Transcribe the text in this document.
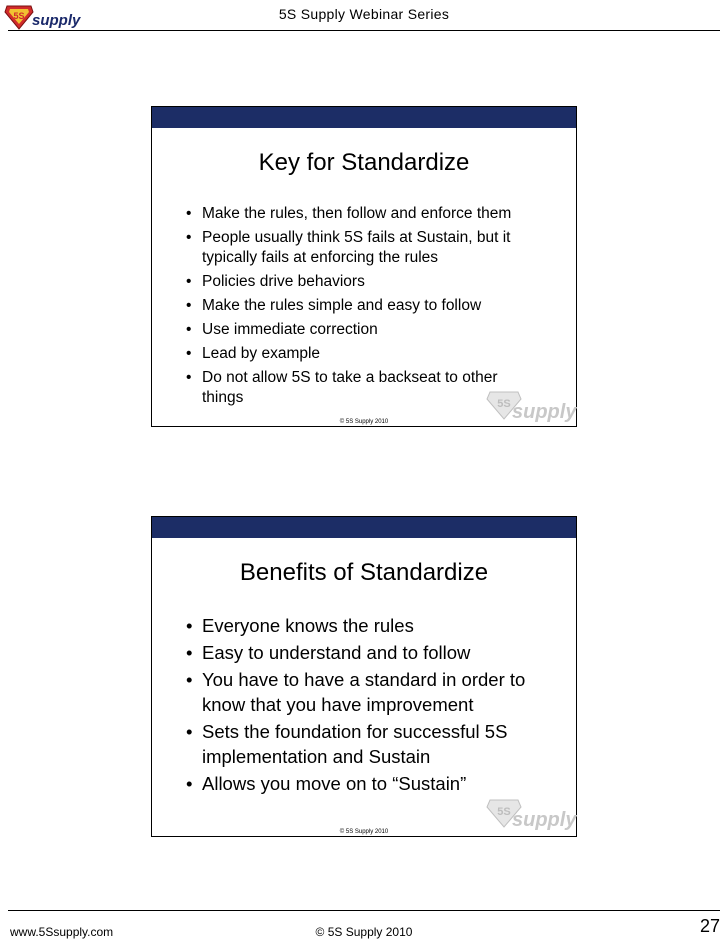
5S supply	5S Supply Webinar Series
Key for Standardize
• Make the rules, then follow and enforce them
• People usually think 5S fails at Sustain, but it typically fails at enforcing the rules
• Policies drive behaviors
• Make the rules simple and easy to follow
• Use immediate correction
• Lead by example
• Do not allow 5S to take a backseat to other things	5S supply
© 5S Supply 2010
Benefits of Standardize
• Everyone knows the rules
• Easy to understand and to follow
• You have to have a standard in order to know that you have improvement
• Sets the foundation for successful 5S implementation and Sustain
• Allows you move on to “Sustain”
5S supply
© 5S Supply 2010
www.5Ssupply.com	© 5S Supply 2010	27
